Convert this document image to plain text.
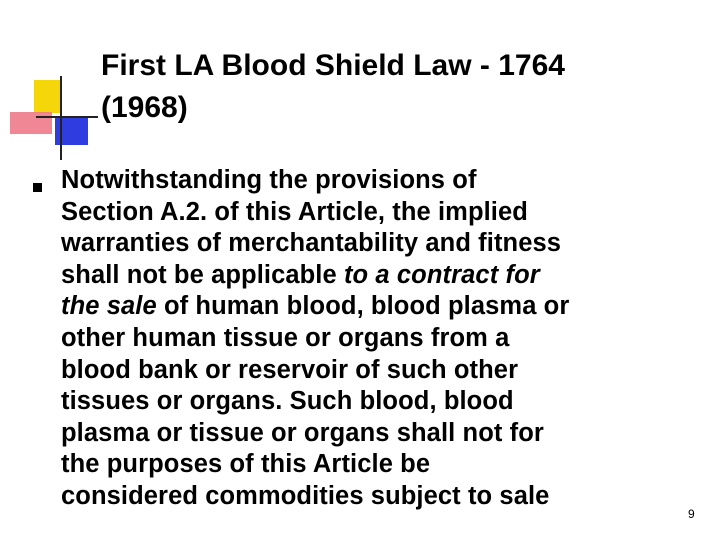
First LA Blood Shield Law - 1764
(1968)
Notwithstanding the provisions of
Section A.2. of this Article, the implied
warranties of merchantability and fitness
shall not be applicable to a contract for
the sale of human blood, blood plasma or
other human tissue or organs from a
blood bank or reservoir of such other
tissues or organs. Such blood, blood
plasma or tissue or organs shall not for
the purposes of this Article be
considered commodities subject to sale
9
